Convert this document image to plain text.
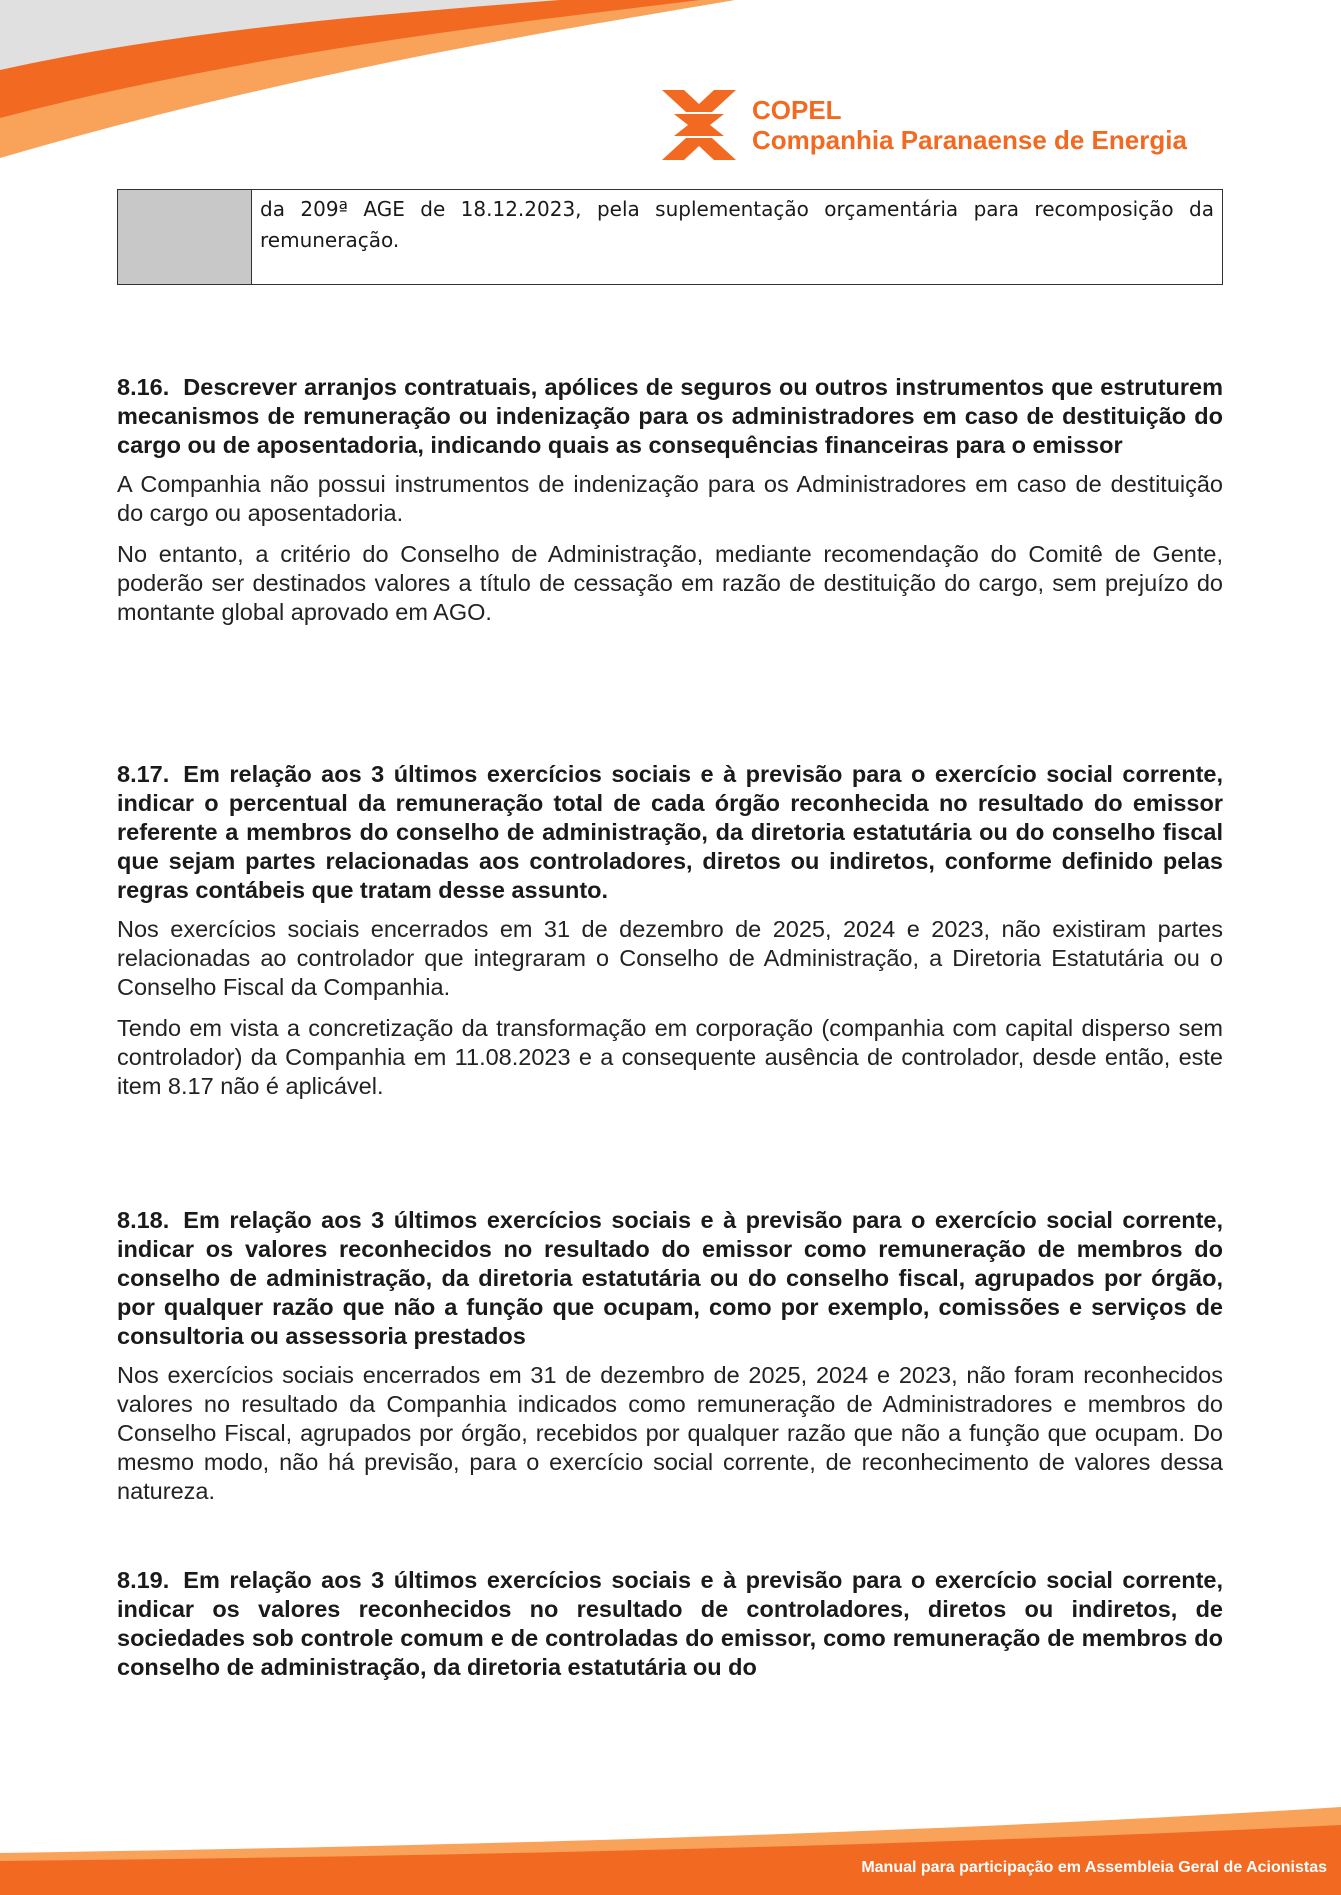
COPEL
Companhia Paranaense de Energia
da 209ª AGE de 18.12.2023, pela suplementação orçamentária para recomposição da remuneração.

8.16. Descrever arranjos contratuais, apólices de seguros ou outros instrumentos que estruturem mecanismos de remuneração ou indenização para os administradores em caso de destituição do cargo ou de aposentadoria, indicando quais as consequências financeiras para o emissor

A Companhia não possui instrumentos de indenização para os Administradores em caso de destituição do cargo ou aposentadoria.

No entanto, a critério do Conselho de Administração, mediante recomendação do Comitê de Gente, poderão ser destinados valores a título de cessação em razão de destituição do cargo, sem prejuízo do montante global aprovado em AGO.

8.17. Em relação aos 3 últimos exercícios sociais e à previsão para o exercício social corrente, indicar o percentual da remuneração total de cada órgão reconhecida no resultado do emissor referente a membros do conselho de administração, da diretoria estatutária ou do conselho fiscal que sejam partes relacionadas aos controladores, diretos ou indiretos, conforme definido pelas regras contábeis que tratam desse assunto.

Nos exercícios sociais encerrados em 31 de dezembro de 2025, 2024 e 2023, não existiram partes relacionadas ao controlador que integraram o Conselho de Administração, a Diretoria Estatutária ou o Conselho Fiscal da Companhia.

Tendo em vista a concretização da transformação em corporação (companhia com capital disperso sem controlador) da Companhia em 11.08.2023 e a consequente ausência de controlador, desde então, este item 8.17 não é aplicável.

8.18. Em relação aos 3 últimos exercícios sociais e à previsão para o exercício social corrente, indicar os valores reconhecidos no resultado do emissor como remuneração de membros do conselho de administração, da diretoria estatutária ou do conselho fiscal, agrupados por órgão, por qualquer razão que não a função que ocupam, como por exemplo, comissões e serviços de consultoria ou assessoria prestados

Nos exercícios sociais encerrados em 31 de dezembro de 2025, 2024 e 2023, não foram reconhecidos valores no resultado da Companhia indicados como remuneração de Administradores e membros do Conselho Fiscal, agrupados por órgão, recebidos por qualquer razão que não a função que ocupam. Do mesmo modo, não há previsão, para o exercício social corrente, de reconhecimento de valores dessa natureza.

8.19. Em relação aos 3 últimos exercícios sociais e à previsão para o exercício social corrente, indicar os valores reconhecidos no resultado de controladores, diretos ou indiretos, de sociedades sob controle comum e de controladas do emissor, como remuneração de membros do conselho de administração, da diretoria estatutária ou do

Manual para participação em Assembleia Geral de Acionistas
